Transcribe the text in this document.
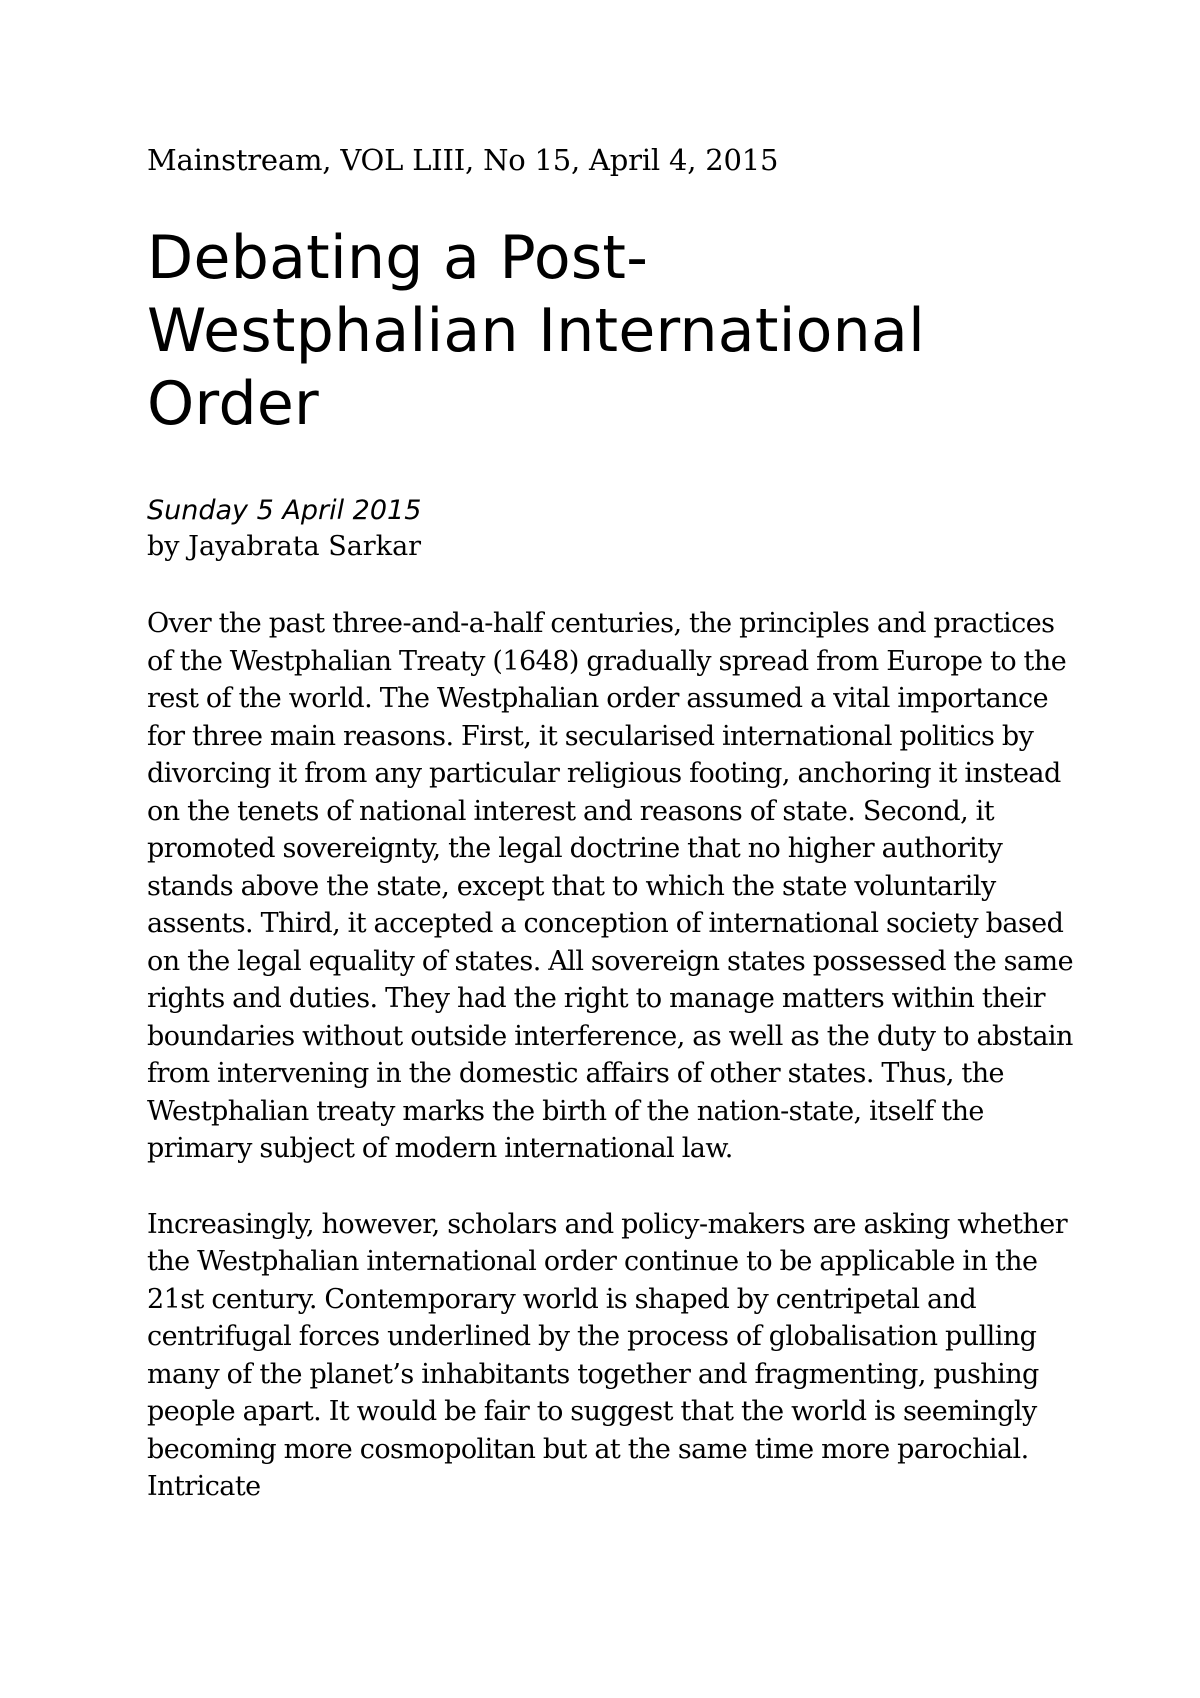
Mainstream, VOL LIII, No 15, April 4, 2015

Debating a Post-Westphalian International Order
Sunday 5 April 2015
by Jayabrata Sarkar

Over the past three-and-a-half centuries, the principles and practices of the Westphalian Treaty (1648) gradually spread from Europe to the rest of the world. The Westphalian order assumed a vital importance for three main reasons. First, it secularised international politics by divorcing it from any particular religious footing, anchoring it instead on the tenets of national interest and reasons of state. Second, it promoted sovereignty, the legal doctrine that no higher authority stands above the state, except that to which the state voluntarily assents. Third, it accepted a conception of international society based on the legal equality of states. All sovereign states possessed the same rights and duties. They had the right to manage matters within their boundaries without outside interference, as well as the duty to abstain from intervening in the domestic affairs of other states. Thus, the Westphalian treaty marks the birth of the nation-state, itself the primary subject of modern international law.

Increasingly, however, scholars and policy-makers are asking whether the Westphalian international order continue to be applicable in the 21st century. Contemporary world is shaped by centripetal and centrifugal forces underlined by the process of globalisation pulling many of the planet’s inhabitants together and fragmenting, pushing people apart. It would be fair to suggest that the world is seemingly becoming more cosmopolitan but at the same time more parochial. Intricate
